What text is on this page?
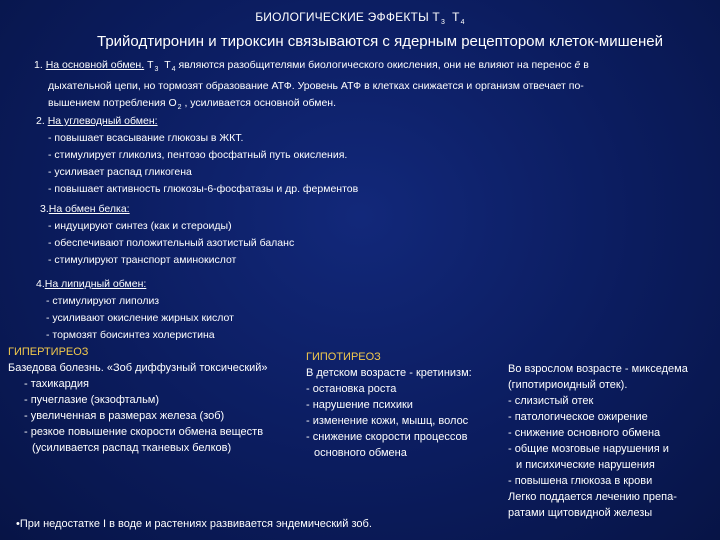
БИОЛОГИЧЕСКИЕ ЭФФЕКТЫ $Т_3$ $Т_4$
Трийодтиронин и тироксин связываются с ядерным рецептором клеток-мишеней
1. На основной обмен. $Т_3$ $Т_4$ являются разобщителями биологического окисления, они не влияют на перенос ē в
дыхательной цепи, но тормозят образование АТФ. Уровень АТФ в клетках снижается и организм отвечает по-
вышением потребления $О_2$ , усиливается основной обмен.
2. На углеводный обмен:
- повышает всасывание глюкозы в ЖКТ.
- стимулирует гликолиз, пентозо фосфатный путь окисления.
- усиливает распад гликогена
- повышает активность глюкозы-6-фосфатазы и др. ферментов
3.На обмен белка:
- индуцируют синтез (как и стероиды)
- обеспечивают положительный азотистый баланс
- стимулируют транспорт аминокислот
4.На липидный обмен:
- стимулируют липолиз
- усиливают окисление жирных кислот
- тормозят боисинтез холеристина
ГИПЕРТИРЕОЗ
Базедова болезнь. «Зоб диффузный токсический»
- тахикардия
- пучеглазие (экзофтальм)
- увеличенная в размерах железа (зоб)
- резкое повышение скорости обмена веществ
(усиливается распад тканевых белков)
ГИПОТИРЕОЗ
В детском возрасте - кретинизм:
- остановка роста
- нарушение психики
- изменение кожи, мышц, волос
- снижение скорости процессов
основного обмена
Во взрослом возрасте - микседема
(гипотириоидный отек).
- слизистый отек
- патологическое ожирение
- снижение основного обмена
- общие мозговые нарушения и
и писихические нарушения
- повышена глюкоза в крови
Легко поддается лечению препа-
ратами щитовидной железы
•При недостатке I в воде и растениях развивается эндемический зоб.
